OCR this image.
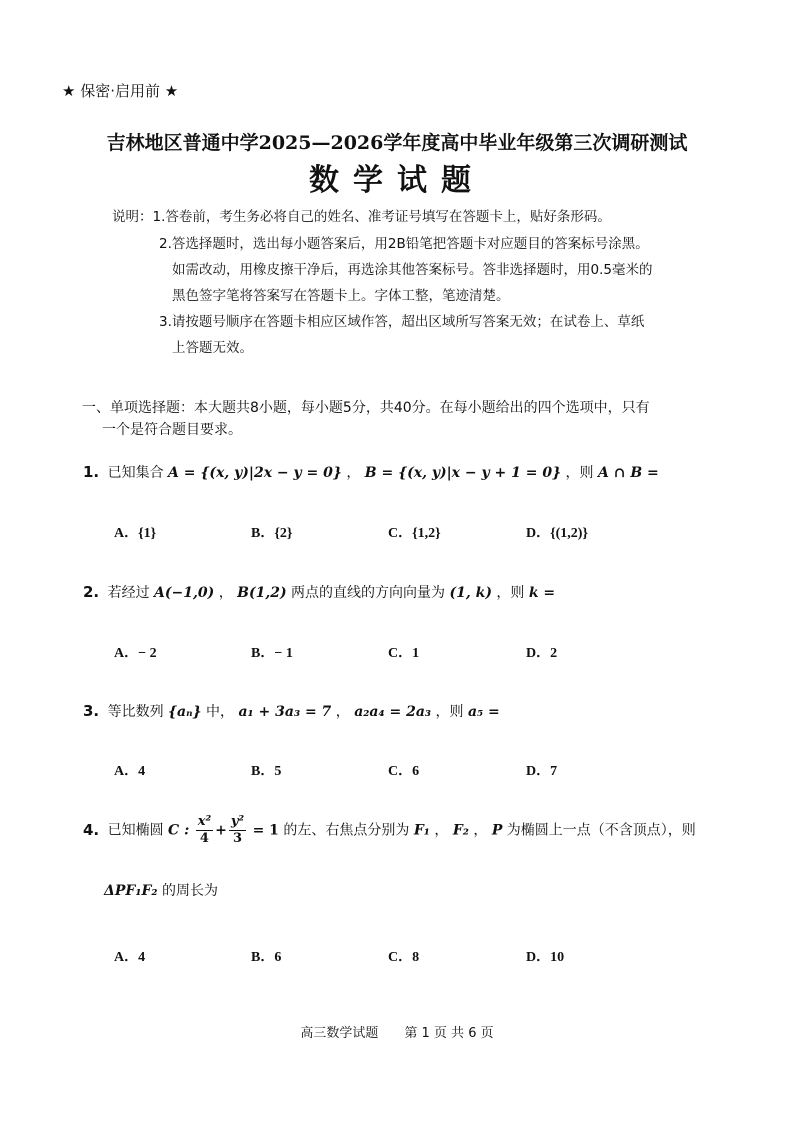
★ 保密·启用前 ★
吉林地区普通中学2025—2026学年度高中毕业年级第三次调研测试
数学试题
说明：1.答卷前，考生务必将自己的姓名、准考证号填写在答题卡上，贴好条形码。
2.答选择题时，选出每小题答案后，用2B铅笔把答题卡对应题目的答案标号涂黑。
如需改动，用橡皮擦干净后，再选涂其他答案标号。答非选择题时，用0.5毫米的
黑色签字笔将答案写在答题卡上。字体工整，笔迹清楚。
3.请按题号顺序在答题卡相应区域作答，超出区域所写答案无效；在试卷上、草纸
上答题无效。
一、单项选择题：本大题共8小题，每小题5分，共40分。在每小题给出的四个选项中，只有
一个是符合题目要求。
1. 已知集合 A = {(x, y)|2x − y = 0} ， B = {(x, y)|x − y + 1 = 0} ，则 A ∩ B =
A．{1}	B．{2}	C．{1,2}	D．{(1,2)}
2. 若经过 A(−1,0) ， B(1,2) 两点的直线的方向向量为 (1, k) ，则 k =
A．− 2	B．− 1	C．1	D．2
3. 等比数列 {aₙ} 中， a₁ + 3a₃ = 7 ， a₂a₄ = 2a₃ ，则 a₅ =
A．4	B．5	C．6	D．7
4. 已知椭圆 C : $\frac{\text{x²}}{4} + \frac{\text{y²}}{3} = 1$ 的左、右焦点分别为 F₁ ， F₂ ， P 为椭圆上一点（不含顶点），则
ΔPF₁F₂ 的周长为
A．4	B．6	C．8	D．10
高三数学试题　　第 1 页 共 6 页
